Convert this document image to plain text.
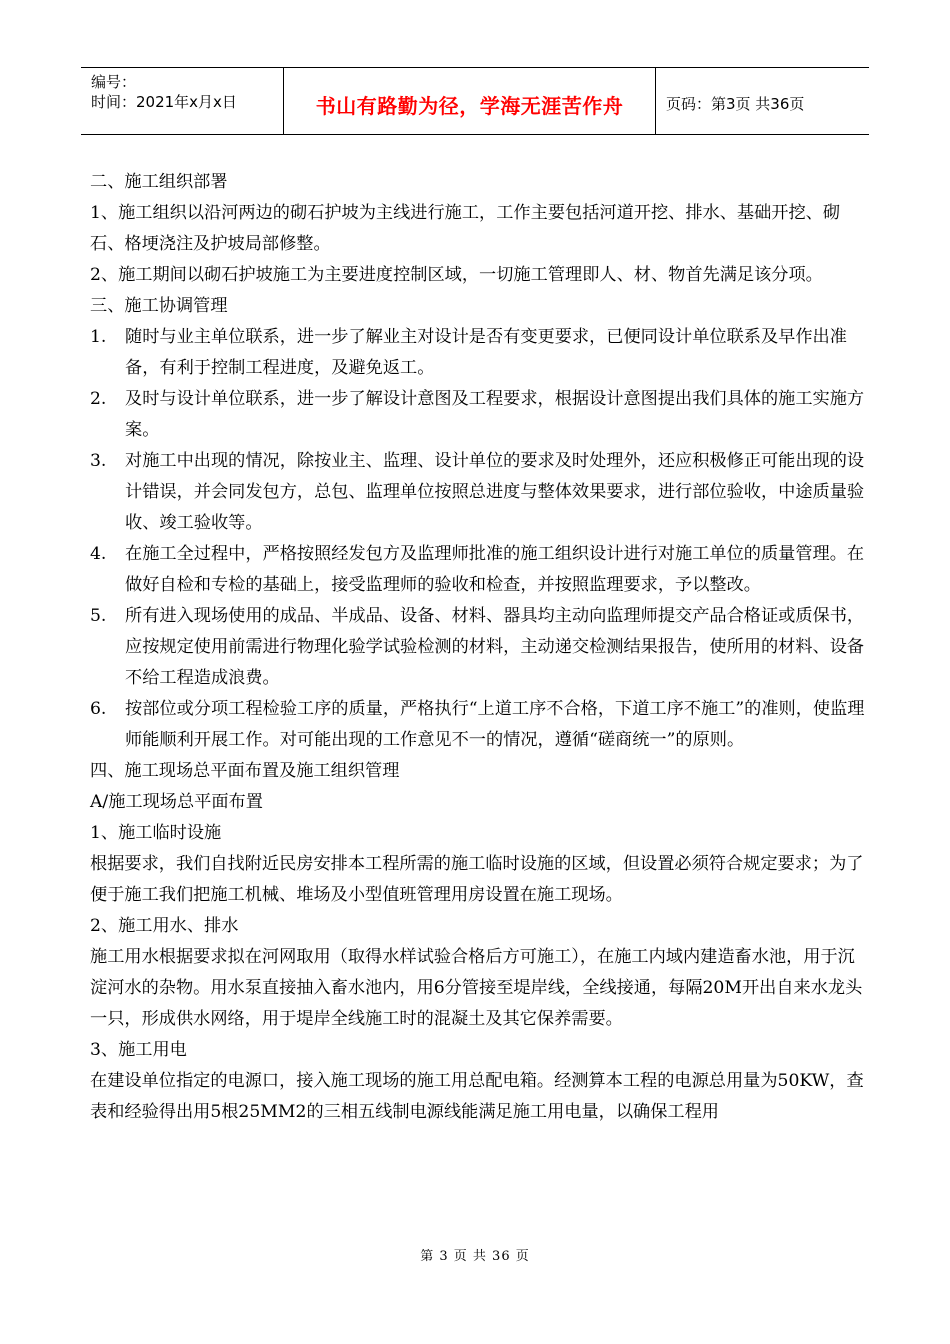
编号：
时间：2021年x月x日	书山有路勤为径，学海无涯苦作舟	页码：第3页 共36页

二、施工组织部署

1、施工组织以沿河两边的砌石护坡为主线进行施工，工作主要包括河道开挖、排水、基础开挖、砌石、格埂浇注及护坡局部修整。

2、施工期间以砌石护坡施工为主要进度控制区域，一切施工管理即人、材、物首先满足该分项。

三、施工协调管理

1.	随时与业主单位联系，进一步了解业主对设计是否有变更要求，已便同设计单位联系及早作出准备，有利于控制工程进度，及避免返工。
2.	及时与设计单位联系，进一步了解设计意图及工程要求，根据设计意图提出我们具体的施工实施方案。
3.	对施工中出现的情况，除按业主、监理、设计单位的要求及时处理外，还应积极修正可能出现的设计错误，并会同发包方，总包、监理单位按照总进度与整体效果要求，进行部位验收，中途质量验收、竣工验收等。
4.	在施工全过程中，严格按照经发包方及监理师批准的施工组织设计进行对施工单位的质量管理。在做好自检和专检的基础上，接受监理师的验收和检查，并按照监理要求，予以整改。
5.	所有进入现场使用的成品、半成品、设备、材料、器具均主动向监理师提交产品合格证或质保书，应按规定使用前需进行物理化验学试验检测的材料，主动递交检测结果报告，使所用的材料、设备不给工程造成浪费。
6.	按部位或分项工程检验工序的质量，严格执行“上道工序不合格，下道工序不施工”的准则，使监理师能顺利开展工作。对可能出现的工作意见不一的情况，遵循“磋商统一”的原则。

四、施工现场总平面布置及施工组织管理

A/施工现场总平面布置

1、施工临时设施

根据要求，我们自找附近民房安排本工程所需的施工临时设施的区域，但设置必须符合规定要求；为了便于施工我们把施工机械、堆场及小型值班管理用房设置在施工现场。

2、施工用水、排水

施工用水根据要求拟在河网取用（取得水样试验合格后方可施工），在施工内域内建造畜水池，用于沉淀河水的杂物。用水泵直接抽入畜水池内，用6分管接至堤岸线，全线接通，每隔20M开出自来水龙头一只，形成供水网络，用于堤岸全线施工时的混凝土及其它保养需要。

3、施工用电

在建设单位指定的电源口，接入施工现场的施工用总配电箱。经测算本工程的电源总用量为50KW，查表和经验得出用5根25MM2的三相五线制电源线能满足施工用电量，以确保工程用

第 3 页 共 36 页
